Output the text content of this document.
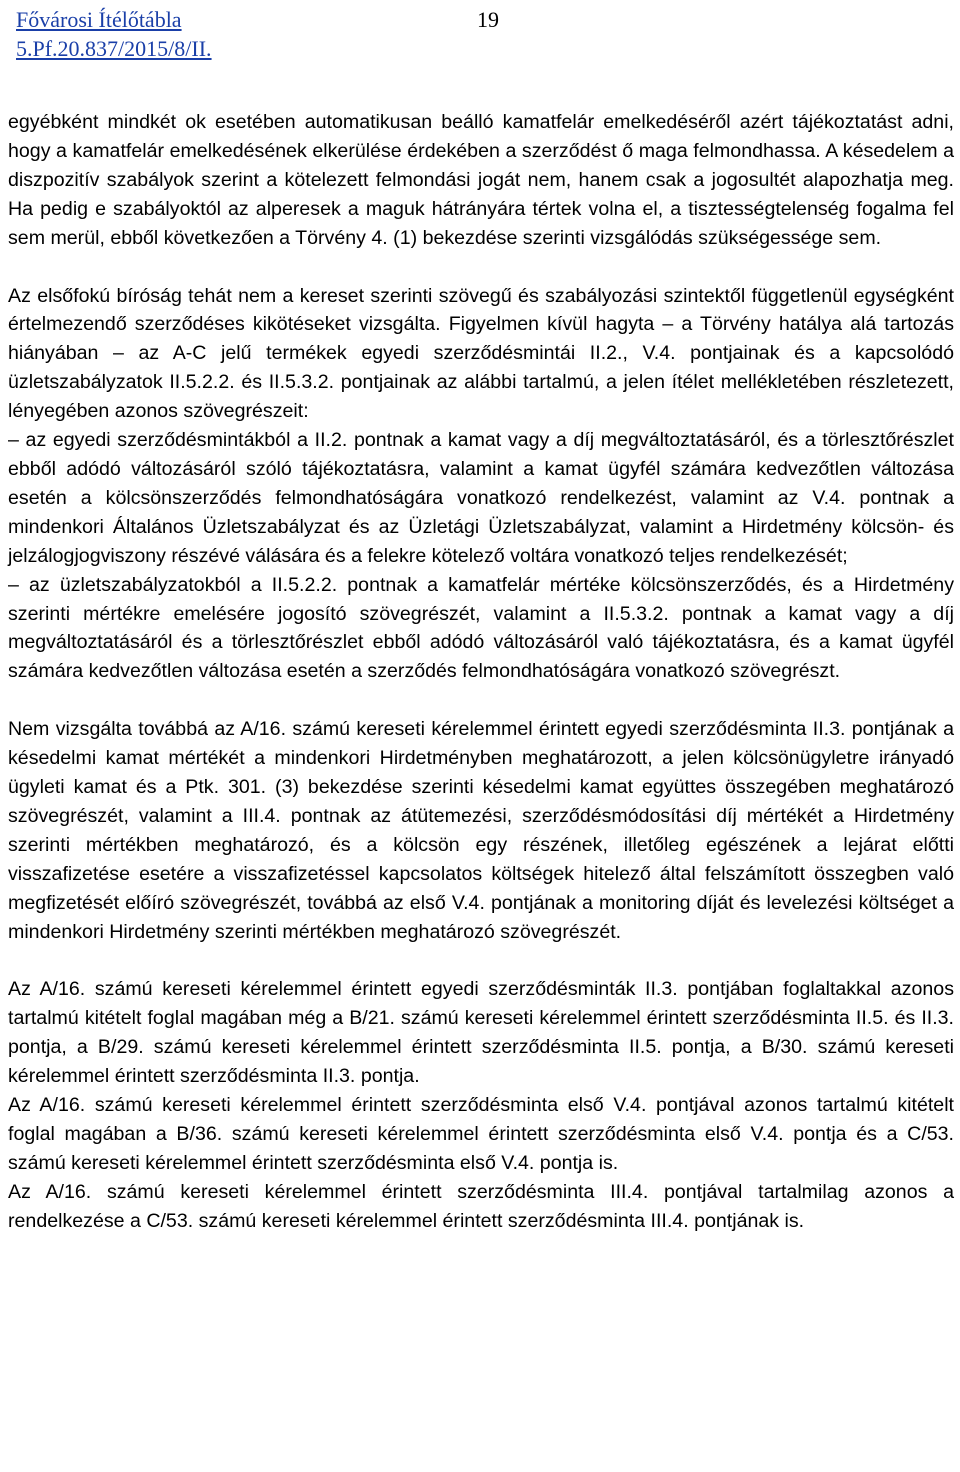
Fővárosi Ítélőtábla
5.Pf.20.837/2015/8/II.
19

egyébként mindkét ok esetében automatikusan beálló kamatfelár emelkedéséről azért tájékoztatást adni, hogy a kamatfelár emelkedésének elkerülése érdekében a szerződést ő maga felmondhassa. A késedelem a diszpozitív szabályok szerint a kötelezett felmondási jogát nem, hanem csak a jogosultét alapozhatja meg. Ha pedig e szabályoktól az alperesek a maguk hátrányára tértek volna el, a tisztességtelenség fogalma fel sem merül, ebből következően a Törvény 4. (1) bekezdése szerinti vizsgálódás szükségessége sem.

Az elsőfokú bíróság tehát nem a kereset szerinti szövegű és szabályozási szintektől függetlenül egységként értelmezendő szerződéses kikötéseket vizsgálta. Figyelmen kívül hagyta – a Törvény hatálya alá tartozás hiányában – az A-C jelű termékek egyedi szerződésmintái II.2., V.4. pontjainak és a kapcsolódó üzletszabályzatok II.5.2.2. és II.5.3.2. pontjainak az alábbi tartalmú, a jelen ítélet mellékletében részletezett, lényegében azonos szövegrészeit:

– az egyedi szerződésmintákból a II.2. pontnak a kamat vagy a díj megváltoztatásáról, és a törlesztőrészlet ebből adódó változásáról szóló tájékoztatásra, valamint a kamat ügyfél számára kedvezőtlen változása esetén a kölcsönszerződés felmondhatóságára vonatkozó rendelkezést, valamint az V.4. pontnak a mindenkori Általános Üzletszabályzat és az Üzletági Üzletszabályzat, valamint a Hirdetmény kölcsön- és jelzálogjogviszony részévé válására és a felekre kötelező voltára vonatkozó teljes rendelkezését;

– az üzletszabályzatokból a II.5.2.2. pontnak a kamatfelár mértéke kölcsönszerződés, és a Hirdetmény szerinti mértékre emelésére jogosító szövegrészét, valamint a II.5.3.2. pontnak a kamat vagy a díj megváltoztatásáról és a törlesztőrészlet ebből adódó változásáról való tájékoztatásra, és a kamat ügyfél számára kedvezőtlen változása esetén a szerződés felmondhatóságára vonatkozó szövegrészt.

Nem vizsgálta továbbá az A/16. számú kereseti kérelemmel érintett egyedi szerződésminta II.3. pontjának a késedelmi kamat mértékét a mindenkori Hirdetményben meghatározott, a jelen kölcsönügyletre irányadó ügyleti kamat és a Ptk. 301. (3) bekezdése szerinti késedelmi kamat együttes összegében meghatározó szövegrészét, valamint a III.4. pontnak az átütemezési, szerződésmódosítási díj mértékét a Hirdetmény szerinti mértékben meghatározó, és a kölcsön egy részének, illetőleg egészének a lejárat előtti visszafizetése esetére a visszafizetéssel kapcsolatos költségek hitelező által felszámított összegben való megfizetését előíró szövegrészét, továbbá az első V.4. pontjának a monitoring díját és levelezési költséget a mindenkori Hirdetmény szerinti mértékben meghatározó szövegrészét.

Az A/16. számú kereseti kérelemmel érintett egyedi szerződésminták II.3. pontjában foglaltakkal azonos tartalmú kitételt foglal magában még a B/21. számú kereseti kérelemmel érintett szerződésminta II.5. és II.3. pontja, a B/29. számú kereseti kérelemmel érintett szerződésminta II.5. pontja, a B/30. számú kereseti kérelemmel érintett szerződésminta II.3. pontja.

Az A/16. számú kereseti kérelemmel érintett szerződésminta első V.4. pontjával azonos tartalmú kitételt foglal magában a B/36. számú kereseti kérelemmel érintett szerződésminta első V.4. pontja és a C/53. számú kereseti kérelemmel érintett szerződésminta első V.4. pontja is.

Az A/16. számú kereseti kérelemmel érintett szerződésminta III.4. pontjával tartalmilag azonos a rendelkezése a C/53. számú kereseti kérelemmel érintett szerződésminta III.4. pontjának is.
